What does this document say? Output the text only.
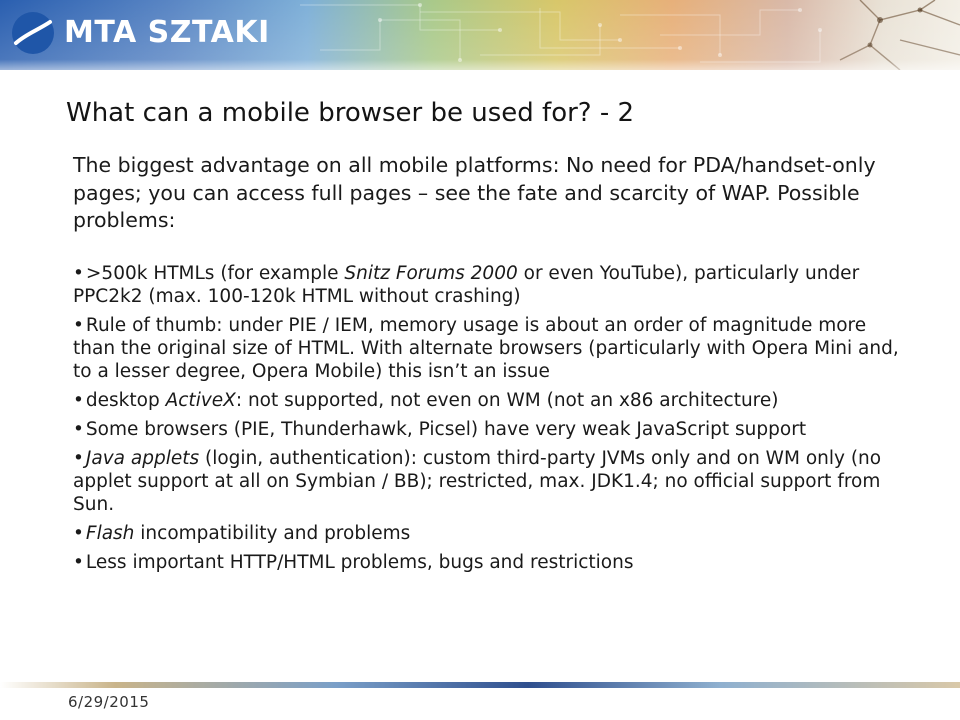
MTA SZTAKI
What can a mobile browser be used for? - 2

The biggest advantage on all mobile platforms: No need for PDA/handset-only pages; you can access full pages – see the fate and scarcity of WAP. Possible problems:

• >500k HTMLs (for example Snitz Forums 2000 or even YouTube), particularly under PPC2k2 (max. 100-120k HTML without crashing)
• Rule of thumb: under PIE / IEM, memory usage is about an order of magnitude more than the original size of HTML. With alternate browsers (particularly with Opera Mini and, to a lesser degree, Opera Mobile) this isn’t an issue
• desktop ActiveX: not supported, not even on WM (not an x86 architecture)
• Some browsers (PIE, Thunderhawk, Picsel) have very weak JavaScript support
• Java applets (login, authentication): custom third-party JVMs only and on WM only (no applet support at all on Symbian / BB); restricted, max. JDK1.4; no official support from Sun.
• Flash incompatibility and problems
• Less important HTTP/HTML problems, bugs and restrictions
6/29/2015
